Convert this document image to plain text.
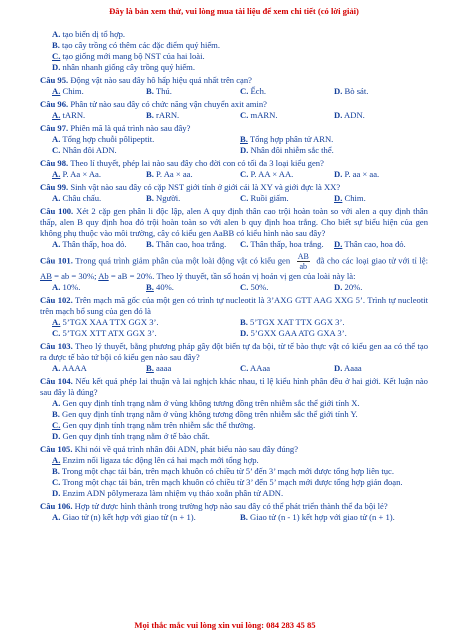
Đây là bản xem thử, vui lòng mua tài liệu để xem chi tiết (có lời giải)
A. tạo biến dị tổ hợp.
B. tạo cây trồng có thêm các đặc điểm quý hiếm.
C. tạo giống mới mang bộ NST của hai loài.
D. nhân nhanh giống cây trồng quý hiếm.
Câu 95. Động vật nào sau đây hô hấp hiệu quả nhất trên cạn?
A. Chim.	B. Thú.	C. Ếch.	D. Bò sát.
Câu 96. Phân tử nào sau đây có chức năng vận chuyển axit amin?
A. tARN.	B. rARN.	C. mARN.	D. ADN.
Câu 97. Phiên mã là quá trình nào sau đây?
A. Tổng hợp chuỗi pôlipeptit.	B. Tổng hợp phân tử ARN.
C. Nhân đôi ADN.	D. Nhân đôi nhiễm sắc thể.
Câu 98. Theo lí thuyết, phép lai nào sau đây cho đời con có tối đa 3 loại kiểu gen?
A. P. Aa × Aa.	B. P. Aa × aa.	C. P. AA × AA.	D. P. aa × aa.
Câu 99. Sinh vật nào sau đây có cặp NST giới tính ở giới cái là XY và giới đực là XX?
A. Châu chấu.	B. Người.	C. Ruồi giấm.	D. Chim.
Câu 100. Xét 2 cặp gen phân li độc lập, alen A quy định thân cao trội hoàn toàn so với alen a quy định thân thấp, alen B quy định hoa đỏ trội hoàn toàn so với alen b quy định hoa trắng. Cho biết sự biểu hiện của gen không phụ thuộc vào môi trường, cây có kiểu gen AaBB có kiểu hình nào sau đây?
A. Thân thấp, hoa đỏ.	B. Thân cao, hoa trắng.	C. Thân thấp, hoa trắng.	D. Thân cao, hoa đỏ.
Câu 101. Trong quá trình giảm phân của một loài động vật có kiểu gen $\frac{AB}{ab}$ đã cho các loại giao tử với tỉ lệ: AB = ab = 30%; Ab = aB = 20%. Theo lý thuyết, tần số hoán vị hoán vị gen của loài này là:
A. 10%.	B. 40%.	C. 50%.	D. 20%.
Câu 102. Trên mạch mã gốc của một gen có trình tự nucleotit là 3’AXG GTT AAG XXG 5’. Trình tự nucleotit trên mạch bổ sung của gen đó là
A. 5’TGX XAA TTX GGX 3’.	B. 5’TGX XAT TTX GGX 3’.
C. 5’TGX XTT ATX GGX 3’.	D. 5’GXX GAA ATG GXA 3’.
Câu 103. Theo lý thuyết, bằng phương pháp gây đột biến tự đa bội, từ tế bào thực vật có kiểu gen aa có thể tạo ra được tế bào tứ bội có kiểu gen nào sau đây?
A. AAAA	B. aaaa	C. AAaa	D. Aaaa
Câu 104. Nếu kết quả phép lai thuận và lai nghịch khác nhau, tỉ lệ kiểu hình phân đều ở hai giới. Kết luận nào sau đây là đúng?
A. Gen quy định tính trạng nằm ở vùng không tương đồng trên nhiễm sắc thể giới tính X.
B. Gen quy định tính trạng nằm ở vùng không tương đồng trên nhiễm sắc thể giới tính Y.
C. Gen quy định tính trạng nằm trên nhiễm sắc thể thường.
D. Gen quy định tính trạng nằm ở tế bào chất.
Câu 105. Khi nói về quá trình nhân đôi ADN, phát biểu nào sau đây đúng?
A. Enzim nối ligaza tác động lên cả hai mạch mới tổng hợp.
B. Trong một chạc tái bản, trên mạch khuôn có chiều từ 5’ đến 3’ mạch mới được tổng hợp liên tục.
C. Trong một chạc tái bản, trên mạch khuôn có chiều từ 3’ đến 5’ mạch mới được tổng hợp gián đoạn.
D. Enzim ADN pôlymeraza làm nhiệm vụ tháo xoắn phân tử ADN.
Câu 106. Hợp tử được hình thành trong trường hợp nào sau đây có thể phát triển thành thể đa bội lẻ?
A. Giao tử (n) kết hợp với giao tử (n + 1).	B. Giao tử (n - 1) kết hợp với giao tử (n + 1).
Mọi thắc mắc vui lòng xin vui lòng: 084 283 45 85
